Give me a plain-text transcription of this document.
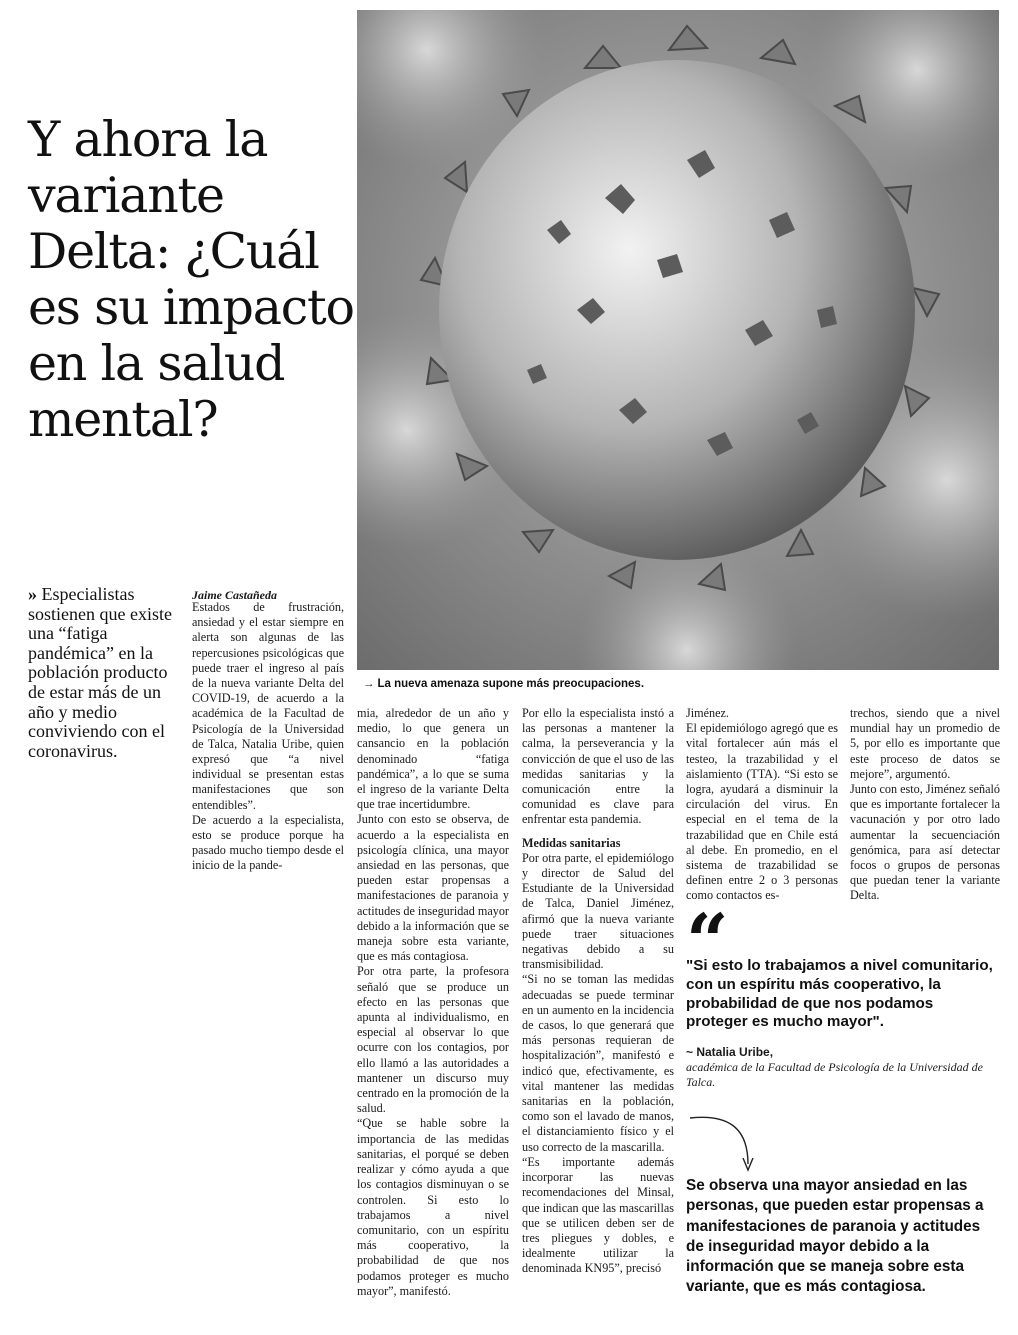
Y ahora la variante Delta: ¿Cuál es su impacto en la salud mental?
→ La nueva amenaza supone más preocupaciones.
» Especialistas sostienen que existe una “fatiga pandémica” en la población producto de estar más de un año y medio conviviendo con el coronavirus.
Jaime Castañeda

Estados de frustración, ansiedad y el estar siempre en alerta son algunas de las repercusiones psicológicas que puede traer el ingreso al país de la nueva variante Delta del COVID-19, de acuerdo a la académica de la Facultad de Psicología de la Universidad de Talca, Natalia Uribe, quien expresó que “a nivel individual se presentan estas manifestaciones que son entendibles”.

De acuerdo a la especialista, esto se produce porque ha pasado mucho tiempo desde el inicio de la pande-

mia, alrededor de un año y medio, lo que genera un cansancio en la población denominado “fatiga pandémica”, a lo que se suma el ingreso de la variante Delta que trae incertidumbre.

Junto con esto se observa, de acuerdo a la especialista en psicología clínica, una mayor ansiedad en las personas, que pueden estar propensas a manifestaciones de paranoia y actitudes de inseguridad mayor debido a la información que se maneja sobre esta variante, que es más contagiosa.

Por otra parte, la profesora señaló que se produce un efecto en las personas que apunta al individualismo, en especial al observar lo que ocurre con los contagios, por ello llamó a las autoridades a mantener un discurso muy centrado en la promoción de la salud.

“Que se hable sobre la importancia de las medidas sanitarias, el porqué se deben realizar y cómo ayuda a que los contagios disminuyan o se controlen. Si esto lo trabajamos a nivel comunitario, con un espíritu más cooperativo, la probabilidad de que nos podamos proteger es mucho mayor”, manifestó.

Por ello la especialista instó a las personas a mantener la calma, la perseverancia y la convicción de que el uso de las medidas sanitarias y la comunicación entre la comunidad es clave para enfrentar esta pandemia.

Medidas sanitarias

Por otra parte, el epidemiólogo y director de Salud del Estudiante de la Universidad de Talca, Daniel Jiménez, afirmó que la nueva variante puede traer situaciones negativas debido a su transmisibilidad.

“Si no se toman las medidas adecuadas se puede terminar en un aumento en la incidencia de casos, lo que generará que más personas requieran de hospitalización”, manifestó e indicó que, efectivamente, es vital mantener las medidas sanitarias en la población, como son el lavado de manos, el distanciamiento físico y el uso correcto de la mascarilla.

“Es importante además incorporar las nuevas recomendaciones del Minsal, que indican que las mascarillas que se utilicen deben ser de tres pliegues y dobles, e idealmente utilizar la denominada KN95”, precisó

Jiménez.

El epidemiólogo agregó que es vital fortalecer aún más el testeo, la trazabilidad y el aislamiento (TTA). “Si esto se logra, ayudará a disminuir la circulación del virus. En especial en el tema de la trazabilidad que en Chile está al debe. En promedio, en el sistema de trazabilidad se definen entre 2 o 3 personas como contactos es-

trechos, siendo que a nivel mundial hay un promedio de 5, por ello es importante que este proceso de datos se mejore”, argumentó.

Junto con esto, Jiménez señaló que es importante fortalecer la vacunación y por otro lado aumentar la secuenciación genómica, para así detectar focos o grupos de personas que puedan tener la variante Delta.

“
"Si esto lo trabajamos a nivel comunitario, con un espíritu más cooperativo, la probabilidad de que nos podamos proteger es mucho mayor".
~ Natalia Uribe,
académica de la Facultad de Psicología de la Universidad de Talca.
Se observa una mayor ansiedad en las personas, que pueden estar propensas a manifestaciones de paranoia y actitudes de inseguridad mayor debido a la información que se maneja sobre esta variante, que es más contagiosa.
